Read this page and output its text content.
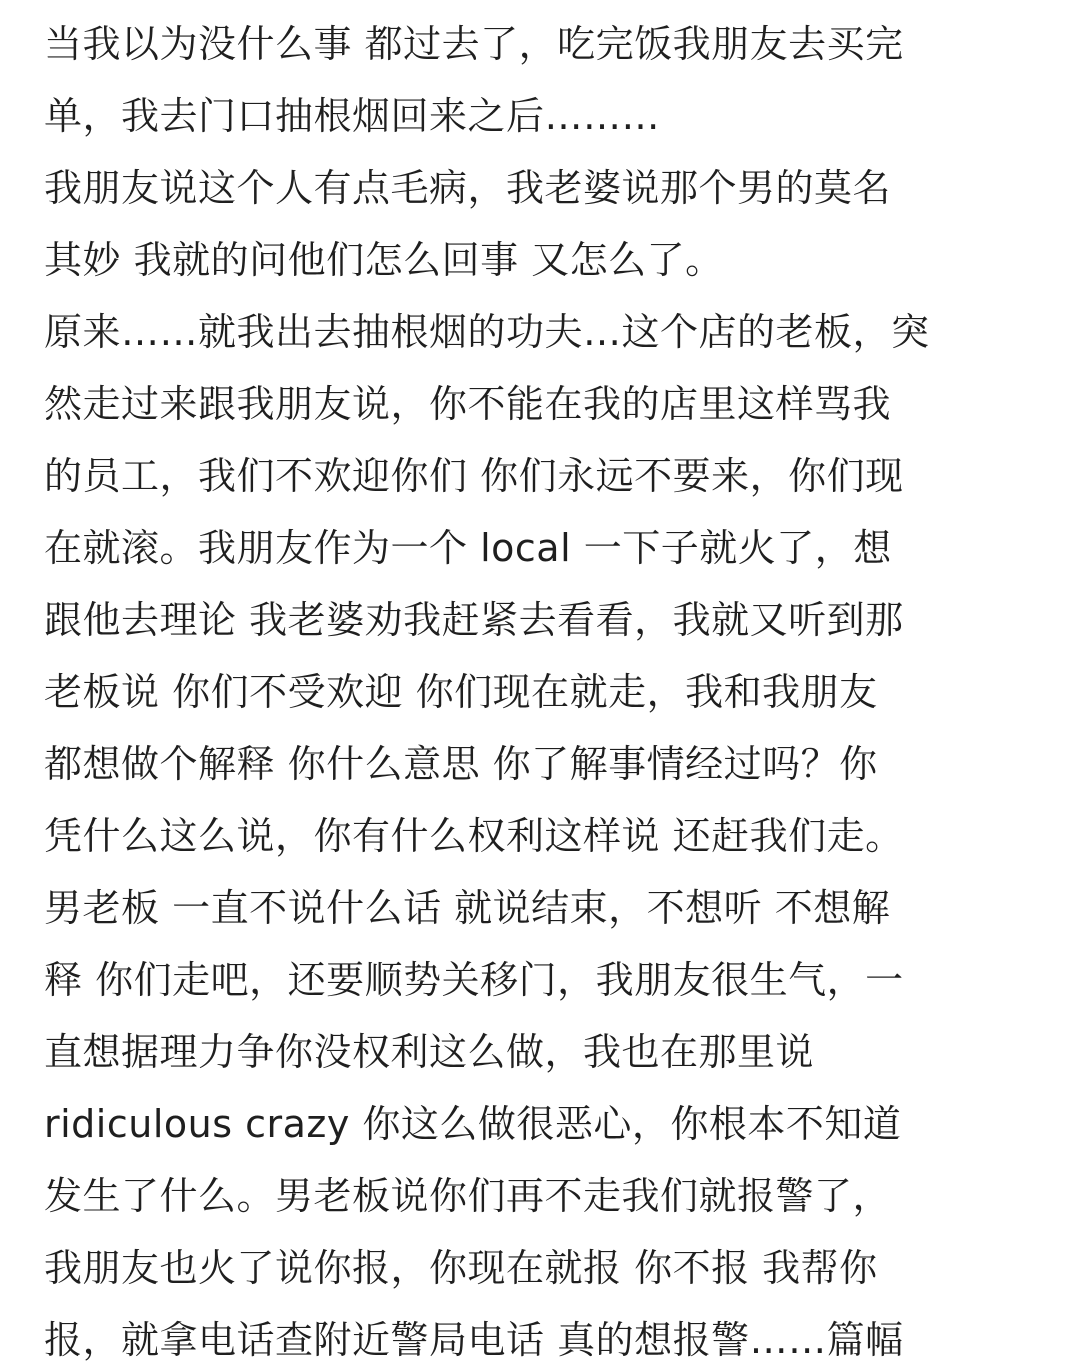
当我以为没什么事 都过去了，吃完饭我朋友去买完
单，我去门口抽根烟回来之后………
我朋友说这个人有点毛病，我老婆说那个男的莫名
其妙 我就的问他们怎么回事 又怎么了。
原来……就我出去抽根烟的功夫…这个店的老板，突
然走过来跟我朋友说，你不能在我的店里这样骂我
的员工，我们不欢迎你们 你们永远不要来，你们现
在就滚。我朋友作为一个 local 一下子就火了，想
跟他去理论 我老婆劝我赶紧去看看，我就又听到那
老板说 你们不受欢迎 你们现在就走，我和我朋友
都想做个解释 你什么意思 你了解事情经过吗？你
凭什么这么说，你有什么权利这样说 还赶我们走。
男老板 一直不说什么话 就说结束，不想听 不想解
释 你们走吧，还要顺势关移门，我朋友很生气，一
直想据理力争你没权利这么做，我也在那里说
ridiculous crazy 你这么做很恶心，你根本不知道
发生了什么。男老板说你们再不走我们就报警了，
我朋友也火了说你报，你现在就报 你不报 我帮你
报，就拿电话查附近警局电话 真的想报警……篇幅
